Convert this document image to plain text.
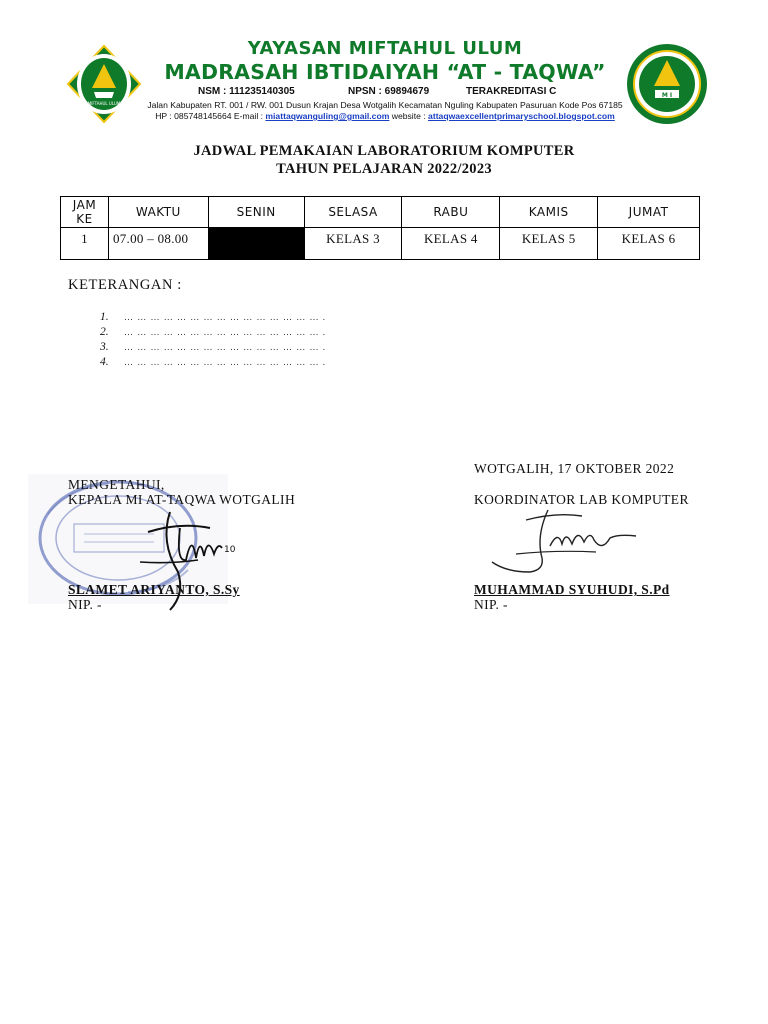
MIFTAHUL ULUM
YAYASAN MIFTAHUL ULUM
MADRASAH IBTIDAIYAH “AT - TAQWA”
NSM : 111235140305	NPSN : 69894679	TERAKREDITASI C
Jalan Kabupaten RT. 001 / RW. 001 Dusun Krajan Desa Wotgalih Kecamatan Nguling Kabupaten Pasuruan Kode Pos 67185
HP : 085748145664 E-mail : miattaqwanguling@gmail.com website : attaqwaexcellentprimaryschool.blogspot.com
M I
JADWAL PEMAKAIAN LABORATORIUM KOMPUTER
TAHUN PELAJARAN 2022/2023
JAM KE	WAKTU	SENIN	SELASA	RABU	KAMIS	JUMAT
1	07.00 – 08.00		KELAS 3	KELAS 4	KELAS 5	KELAS 6
KETERANGAN :
1. … … … … … … … … … … … … … … … .
2. … … … … … … … … … … … … … … … .
3. … … … … … … … … … … … … … … … .
4. … … … … … … … … … … … … … … … .
10
WOTGALIH, 17 OKTOBER 2022
MENGETAHUI,
KEPALA MI AT-TAQWA WOTGALIH	KOORDINATOR LAB KOMPUTER
SLAMET ARIYANTO, S.Sy
NIP. -
MUHAMMAD SYUHUDI, S.Pd
NIP. -
